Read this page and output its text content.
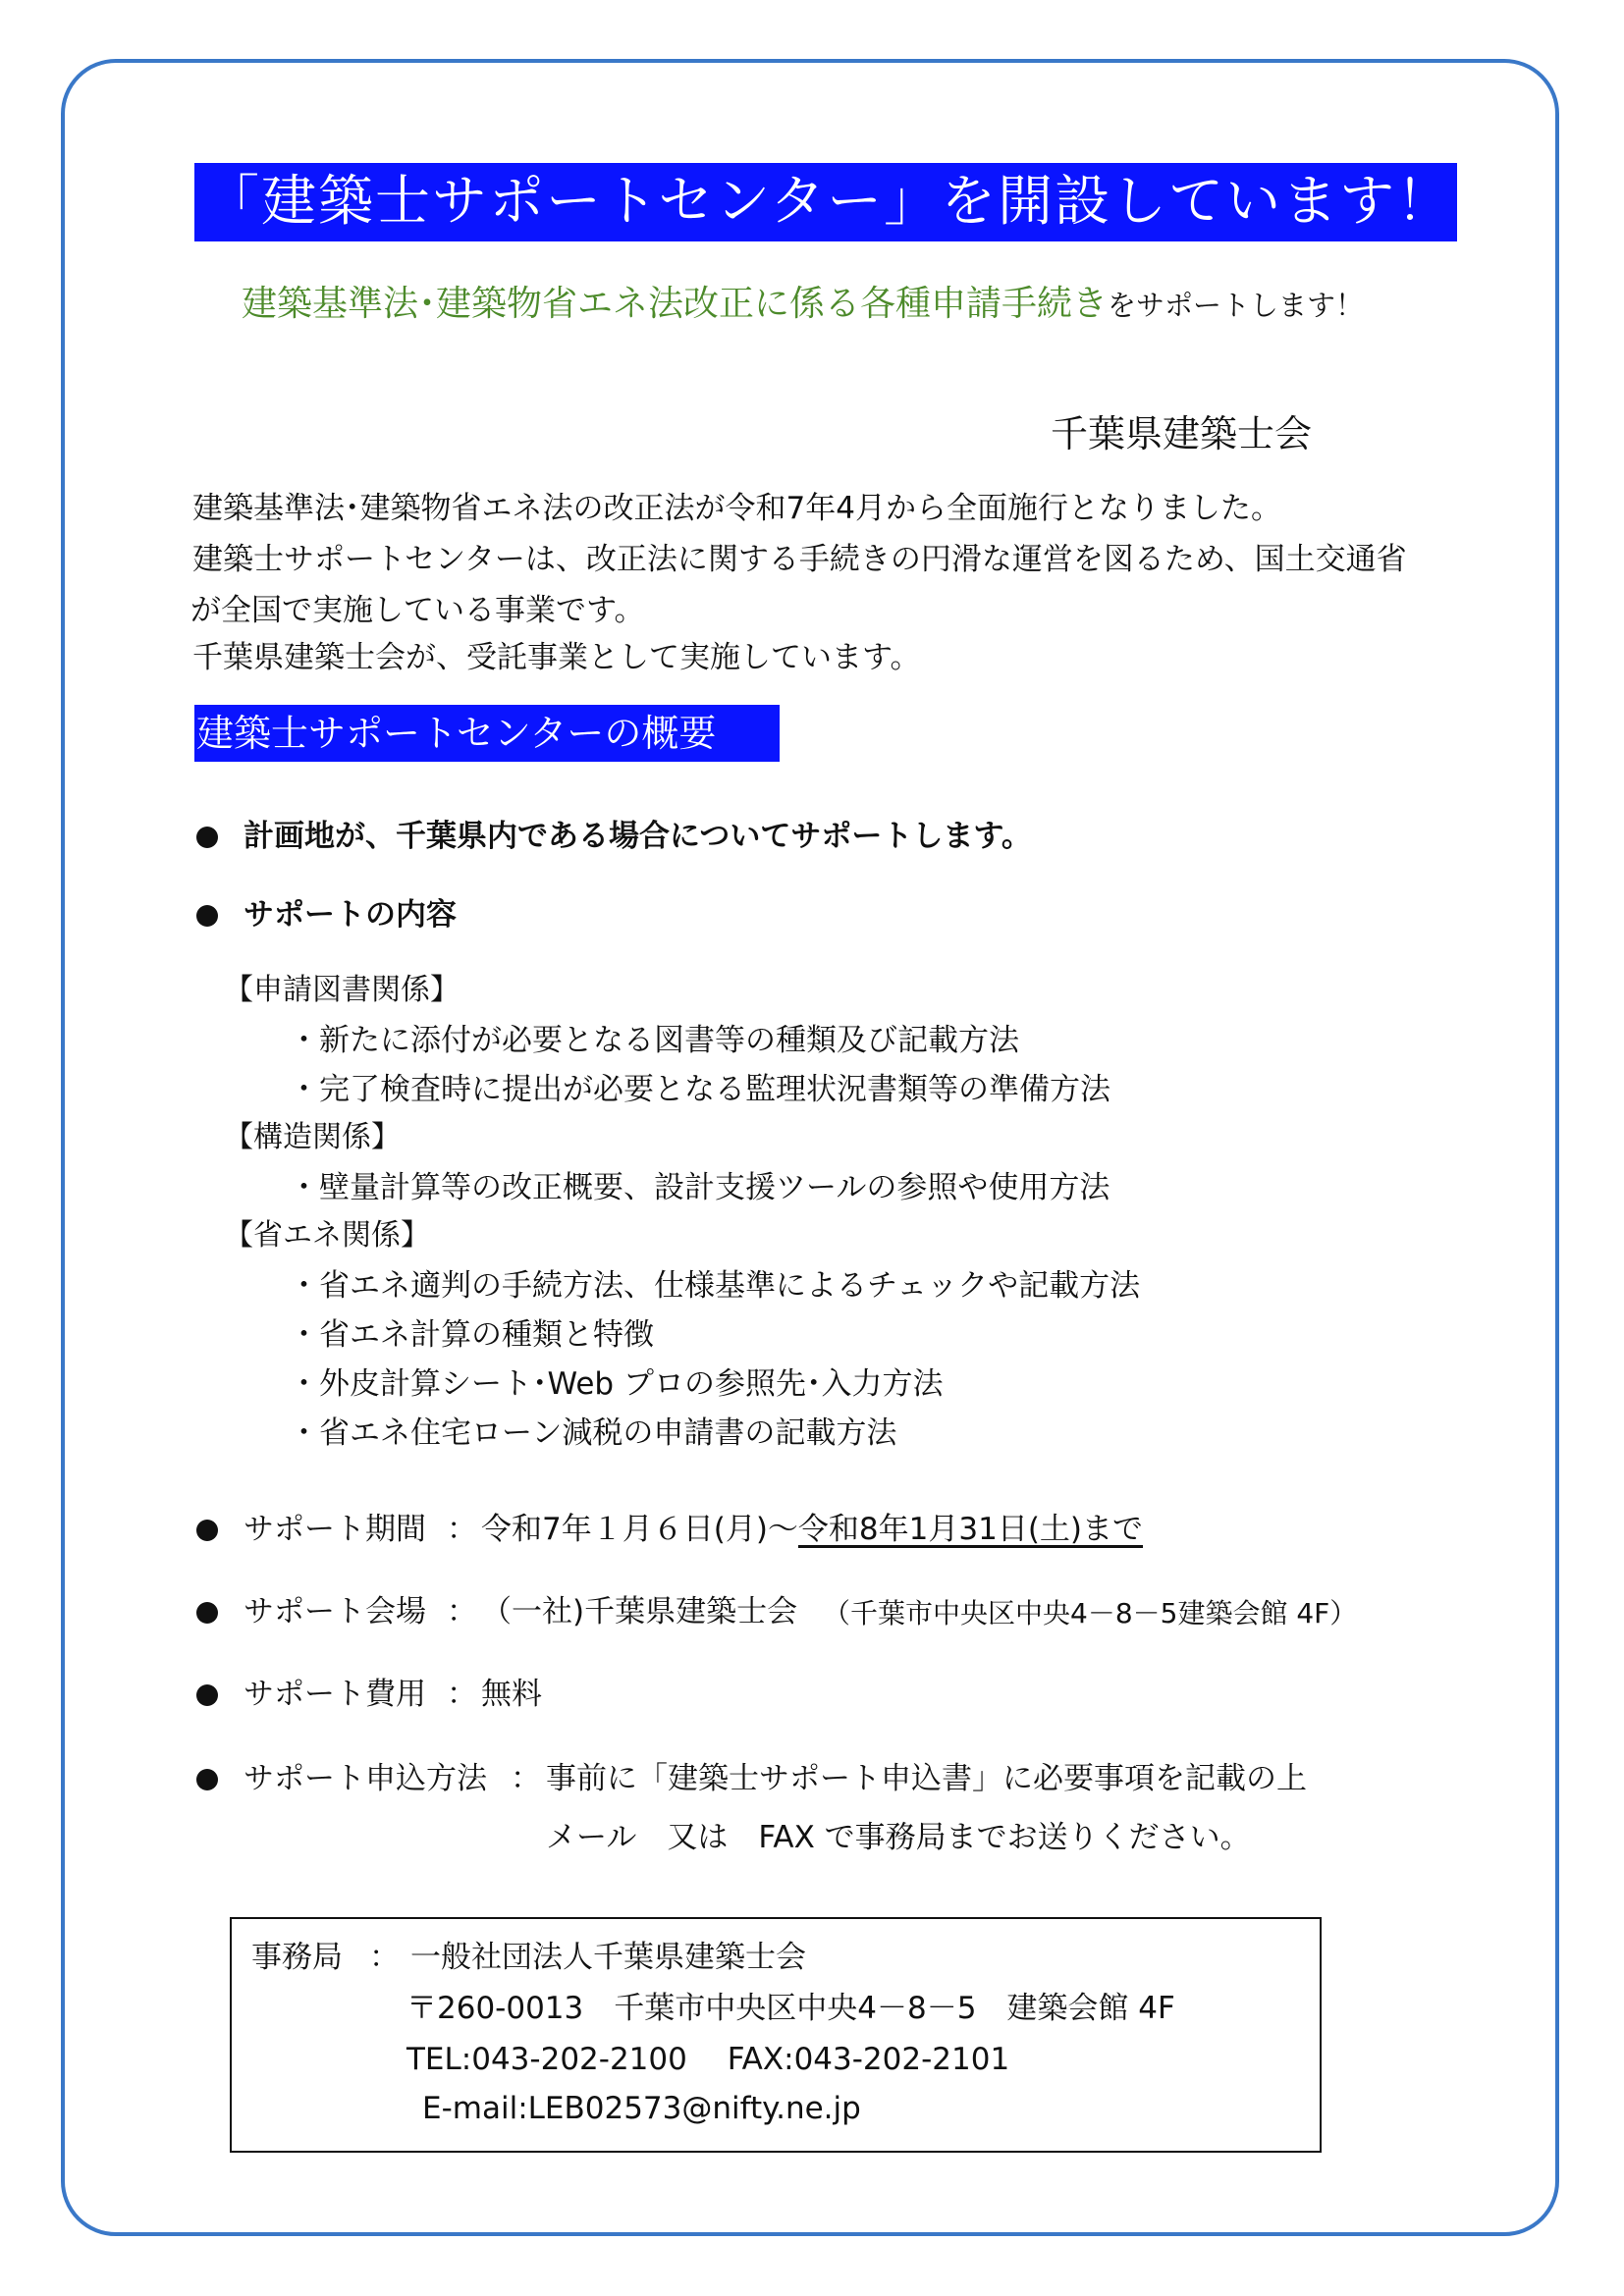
「建築士サポートセンター」を開設しています！
建築基準法･建築物省エネ法改正に係る各種申請手続きをサポートします！
千葉県建築士会
建築基準法･建築物省エネ法の改正法が令和7年4月から全面施行となりました。
建築士サポートセンターは、改正法に関する手続きの円滑な運営を図るため、国土交通省
が全国で実施している事業です。
千葉県建築士会が、受託事業として実施しています。
建築士サポートセンターの概要
計画地が、千葉県内である場合についてサポートします。
サポートの内容
【申請図書関係】
・新たに添付が必要となる図書等の種類及び記載方法
・完了検査時に提出が必要となる監理状況書類等の準備方法
【構造関係】
・壁量計算等の改正概要、設計支援ツールの参照や使用方法
【省エネ関係】
・省エネ適判の手続方法、仕様基準によるチェックや記載方法
・省エネ計算の種類と特徴
・外皮計算シート･Web プロの参照先･入力方法
・省エネ住宅ローン減税の申請書の記載方法
サポート期間 ： 令和7年１月６日(月)～令和8年1月31日(土)まで
サポート会場 ： （一社)千葉県建築士会 （千葉市中央区中央4－8－5建築会館 4F）
サポート費用 ： 無料
サポート申込方法 ： 事前に「建築士サポート申込書」に必要事項を記載の上
メール　又は　FAX で事務局までお送りください。
事務局 ： 一般社団法人千葉県建築士会
〒260-0013　千葉市中央区中央4－8－5　建築会館 4F
TEL:043-202-2100　 FAX:043-202-2101
E-mail:LEB02573@nifty.ne.jp
